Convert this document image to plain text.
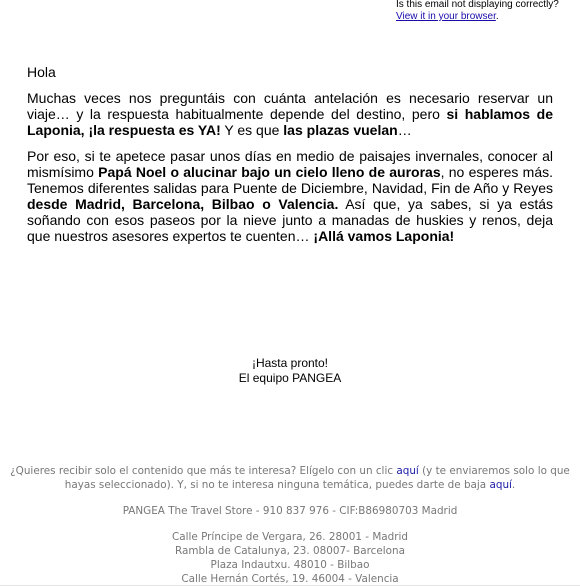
Is this email not displaying correctly?
View it in your browser.

Hola

Muchas veces nos preguntáis con cuánta antelación es necesario reservar un viaje… y la respuesta habitualmente depende del destino, pero si hablamos de Laponia, ¡la respuesta es YA! Y es que las plazas vuelan…

Por eso, si te apetece pasar unos días en medio de paisajes invernales, conocer al mismísimo Papá Noel o alucinar bajo un cielo lleno de auroras, no esperes más. Tenemos diferentes salidas para Puente de Diciembre, Navidad, Fin de Año y Reyes desde Madrid, Barcelona, Bilbao o Valencia. Así que, ya sabes, si ya estás soñando con esos paseos por la nieve junto a manadas de huskies y renos, deja que nuestros asesores expertos te cuenten… ¡Allá vamos Laponia!

¡Hasta pronto!
El equipo PANGEA

¿Quieres recibir solo el contenido que más te interesa? Elígelo con un clic aquí (y te enviaremos solo lo que hayas seleccionado). Y, si no te interesa ninguna temática, puedes darte de baja aquí.

PANGEA The Travel Store - 910 837 976 - CIF:B86980703 Madrid

Calle Príncipe de Vergara, 26. 28001 - Madrid
Rambla de Catalunya, 23. 08007- Barcelona
Plaza Indautxu. 48010 - Bilbao
Calle Hernán Cortés, 19. 46004 - Valencia
